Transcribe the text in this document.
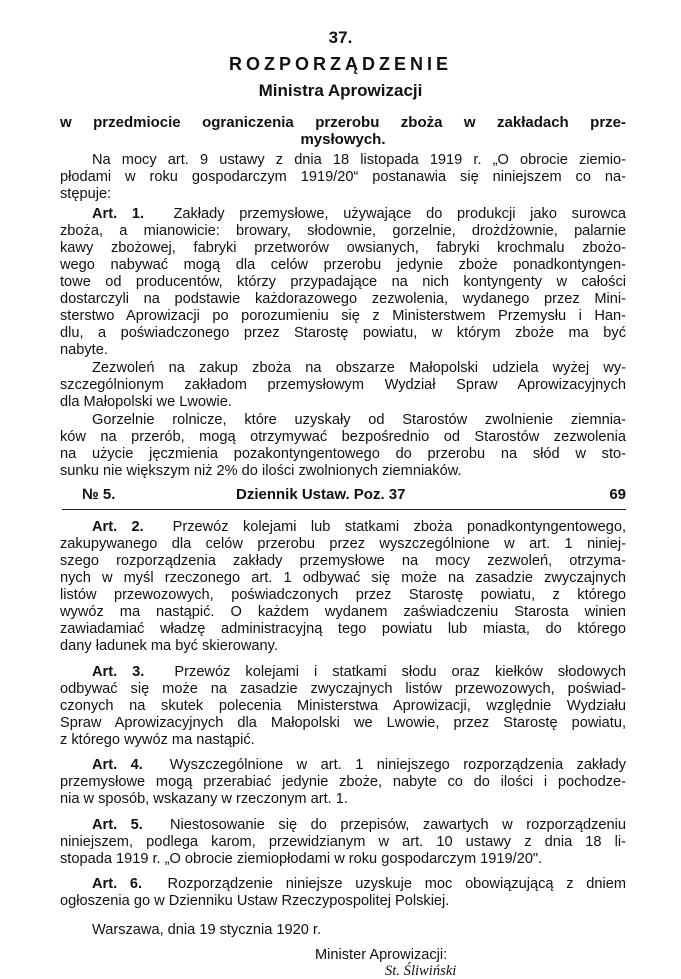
37.
ROZPORZĄDZENIE
Ministra Aprowizacji
w przedmiocie ograniczenia przerobu zboża w zakładach prze-
mysłowych.
Na mocy art. 9 ustawy z dnia 18 listopada 1919 r. „O obrocie ziemio-
płodami w roku gospodarczym 1919/20“ postanawia się niniejszem co na-
stępuje:
Art. 1. Zakłady przemysłowe, używające do produkcji jako surowca
zboża, a mianowicie: browary, słodownie, gorzelnie, drożdżownie, palarnie
kawy zbożowej, fabryki przetworów owsianych, fabryki krochmalu zbożo-
wego nabywać mogą dla celów przerobu jedynie zboże ponadkontyngen-
towe od producentów, którzy przypadające na nich kontyngenty w całości
dostarczyli na podstawie każdorazowego zezwolenia, wydanego przez Mini-
sterstwo Aprowizacji po porozumieniu się z Ministerstwem Przemysłu i Han-
dlu, a poświadczonego przez Starostę powiatu, w którym zboże ma być
nabyte.
Zezwoleń na zakup zboża na obszarze Małopolski udziela wyżej wy-
szczególnionym zakładom przemysłowym Wydział Spraw Aprowizacyjnych
dla Małopolski we Lwowie.
Gorzelnie rolnicze, które uzyskały od Starostów zwolnienie ziemnia-
ków na przerób, mogą otrzymywać bezpośrednio od Starostów zezwolenia
na użycie jęczmienia pozakontyngentowego do przerobu na słód w sto-
sunku nie większym niż 2% do ilości zwolnionych ziemniaków.
№ 5.	Dziennik Ustaw. Poz. 37	69
Art. 2. Przewóz kolejami lub statkami zboża ponadkontyngentowego,
zakupywanego dla celów przerobu przez wyszczególnione w art. 1 niniej-
szego rozporządzenia zakłady przemysłowe na mocy zezwoleń, otrzyma-
nych w myśl rzeczonego art. 1 odbywać się może na zasadzie zwyczajnych
listów przewozowych, poświadczonych przez Starostę powiatu, z którego
wywóz ma nastąpić. O każdem wydanem zaświadczeniu Starosta winien
zawiadamiać władzę administracyjną tego powiatu lub miasta, do którego
dany ładunek ma być skierowany.
Art. 3. Przewóz kolejami i statkami słodu oraz kiełków słodowych
odbywać się może na zasadzie zwyczajnych listów przewozowych, poświad-
czonych na skutek polecenia Ministerstwa Aprowizacji, względnie Wydziału
Spraw Aprowizacyjnych dla Małopolski we Lwowie, przez Starostę powiatu,
z którego wywóz ma nastąpić.
Art. 4. Wyszczególnione w art. 1 niniejszego rozporządzenia zakłady
przemysłowe mogą przerabiać jedynie zboże, nabyte co do ilości i pochodze-
nia w sposób, wskazany w rzeczonym art. 1.
Art. 5. Niestosowanie się do przepisów, zawartych w rozporządzeniu
niniejszem, podlega karom, przewidzianym w art. 10 ustawy z dnia 18 li-
stopada 1919 r. „O obrocie ziemiopłodami w roku gospodarczym 1919/20".
Art. 6. Rozporządzenie niniejsze uzyskuje moc obowiązującą z dniem
ogłoszenia go w Dzienniku Ustaw Rzeczypospolitej Polskiej.
Warszawa, dnia 19 stycznia 1920 r.
Minister Aprowizacji:
St. Śliwiński
